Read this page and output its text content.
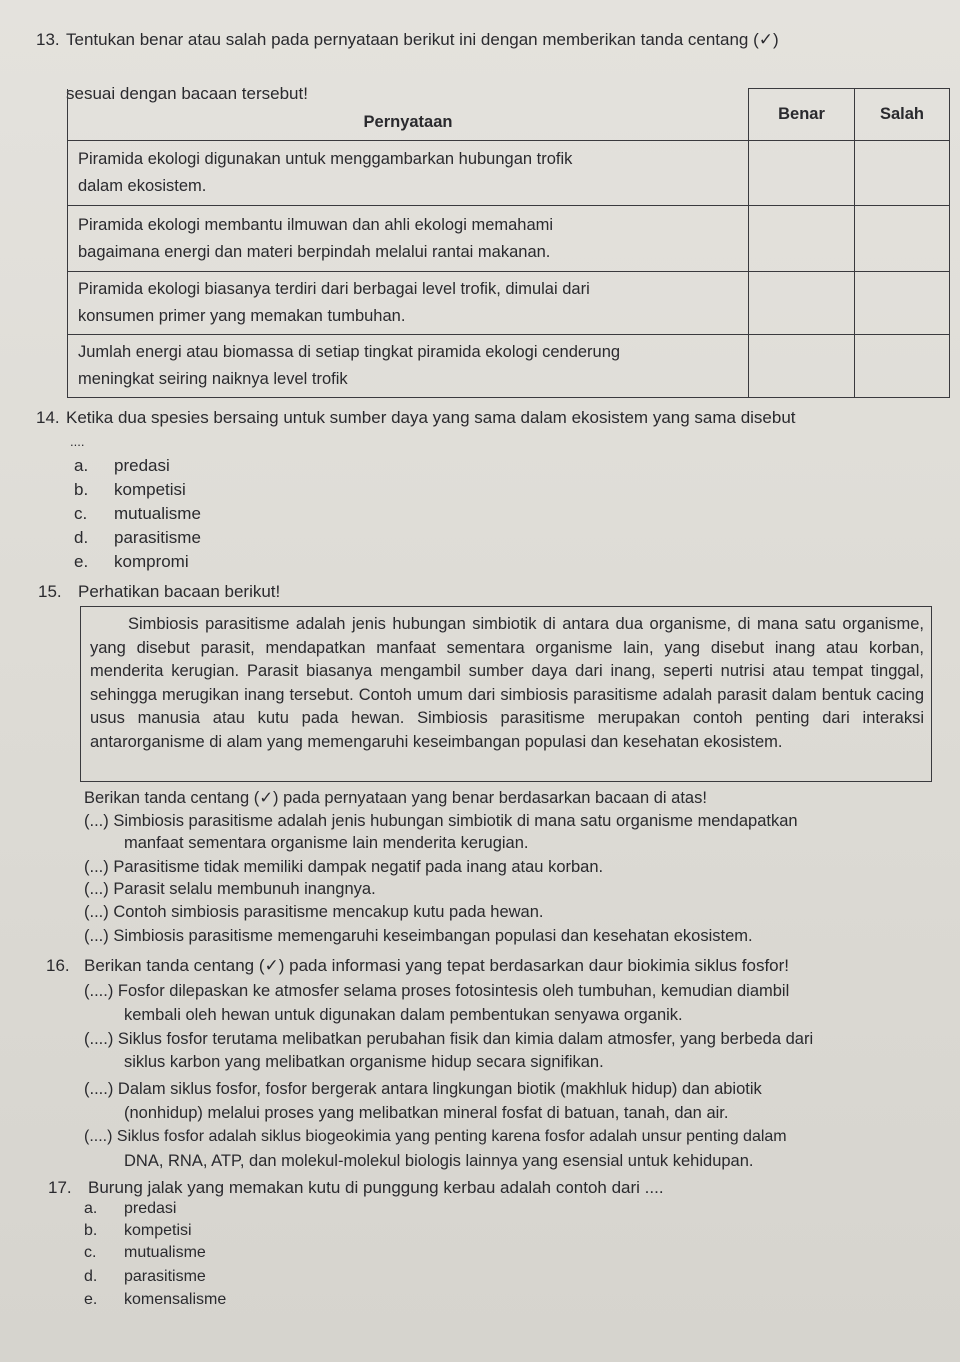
13. Tentukan benar atau salah pada pernyataan berikut ini dengan memberikan tanda centang (✓)
sesuai dengan bacaan tersebut!
Pernyataan	Benar	Salah

Piramida ekologi digunakan untuk menggambarkan hubungan trofik
dalam ekosistem.		

Piramida ekologi membantu ilmuwan dan ahli ekologi memahami
bagaimana energi dan materi berpindah melalui rantai makanan.		

Piramida ekologi biasanya terdiri dari berbagai level trofik, dimulai dari
konsumen primer yang memakan tumbuhan.		

Jumlah energi atau biomassa di setiap tingkat piramida ekologi cenderung
meningkat seiring naiknya level trofik		

14. Ketika dua spesies bersaing untuk sumber daya yang sama dalam ekosistem yang sama disebut
....
a. predasi
b. kompetisi
c. mutualisme
d. parasitisme
e. kompromi
15. Perhatikan bacaan berikut!

Simbiosis parasitisme adalah jenis hubungan simbiotik di antara dua organisme, di mana satu organisme, yang disebut parasit, mendapatkan manfaat sementara organisme lain, yang disebut inang atau korban, menderita kerugian. Parasit biasanya mengambil sumber daya dari inang, seperti nutrisi atau tempat tinggal, sehingga merugikan inang tersebut. Contoh umum dari simbiosis parasitisme adalah parasit dalam bentuk cacing usus manusia atau kutu pada hewan. Simbiosis parasitisme merupakan contoh penting dari interaksi antarorganisme di alam yang memengaruhi keseimbangan populasi dan kesehatan ekosistem.

Berikan tanda centang (✓) pada pernyataan yang benar berdasarkan bacaan di atas!
(...) Simbiosis parasitisme adalah jenis hubungan simbiotik di mana satu organisme mendapatkan
manfaat sementara organisme lain menderita kerugian.
(...) Parasitisme tidak memiliki dampak negatif pada inang atau korban.
(...) Parasit selalu membunuh inangnya.
(...) Contoh simbiosis parasitisme mencakup kutu pada hewan.
(...) Simbiosis parasitisme memengaruhi keseimbangan populasi dan kesehatan ekosistem.
16. Berikan tanda centang (✓) pada informasi yang tepat berdasarkan daur biokimia siklus fosfor!
(....) Fosfor dilepaskan ke atmosfer selama proses fotosintesis oleh tumbuhan, kemudian diambil
kembali oleh hewan untuk digunakan dalam pembentukan senyawa organik.
(....) Siklus fosfor terutama melibatkan perubahan fisik dan kimia dalam atmosfer, yang berbeda dari
siklus karbon yang melibatkan organisme hidup secara signifikan.
(....) Dalam siklus fosfor, fosfor bergerak antara lingkungan biotik (makhluk hidup) dan abiotik
(nonhidup) melalui proses yang melibatkan mineral fosfat di batuan, tanah, dan air.
(....) Siklus fosfor adalah siklus biogeokimia yang penting karena fosfor adalah unsur penting dalam
DNA, RNA, ATP, dan molekul-molekul biologis lainnya yang esensial untuk kehidupan.
17. Burung jalak yang memakan kutu di punggung kerbau adalah contoh dari ....
a. predasi
b. kompetisi
c. mutualisme
d. parasitisme
e. komensalisme
